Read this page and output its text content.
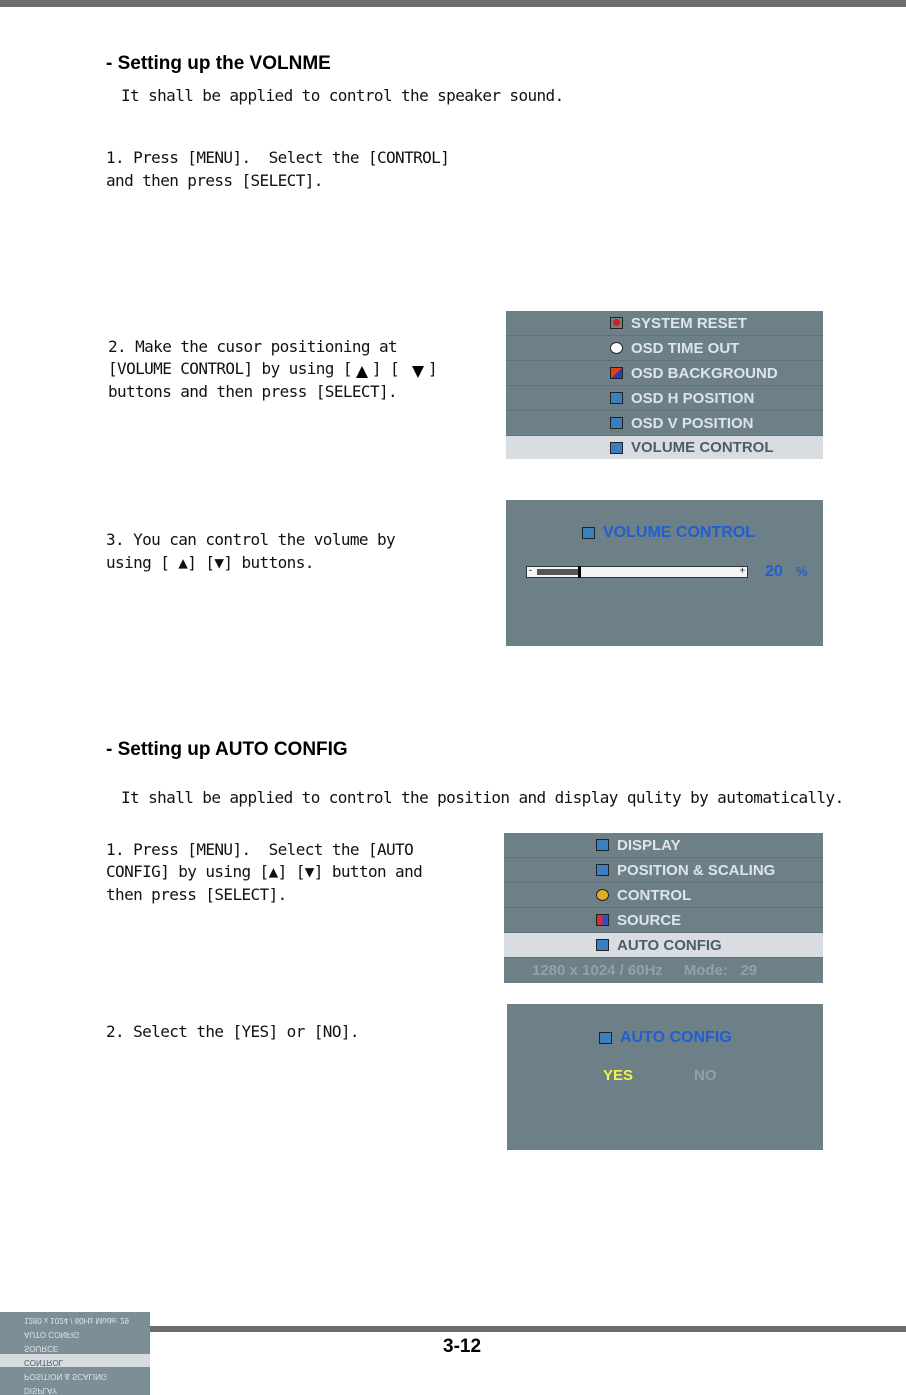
- Setting up the VOLNME
It shall be applied to control the speaker sound.
1. Press [MENU].  Select the [CONTROL]
and then press [SELECT].
2. Make the cusor positioning at
[VOLUME CONTROL] by using [ ] [ ]
buttons and then press [SELECT].
3. You can control the volume by
using [ ▲] [▼] buttons.
SYSTEM RESET
OSD TIME OUT
OSD BACKGROUND
OSD H POSITION
OSD V POSITION
VOLUME CONTROL
VOLUME CONTROL
-	+ 20 %
- Setting up AUTO CONFIG
It shall be applied to control the position and display qulity by automatically.
1. Press [MENU].  Select the [AUTO
CONFIG] by using [▲] [▼] button and
then press [SELECT].
2. Select the [YES] or [NO].
DISPLAY
POSITION & SCALING
CONTROL
SOURCE
AUTO CONFIG
1280 x 1024 / 60Hz     Mode:   29
AUTO CONFIG
YES	NO
1280 x 1024 / 60Hz Mode: 29
AUTO CONFIG
SOURCE
CONTROL
POSITION & SCALING
DISPLAY
3-12
